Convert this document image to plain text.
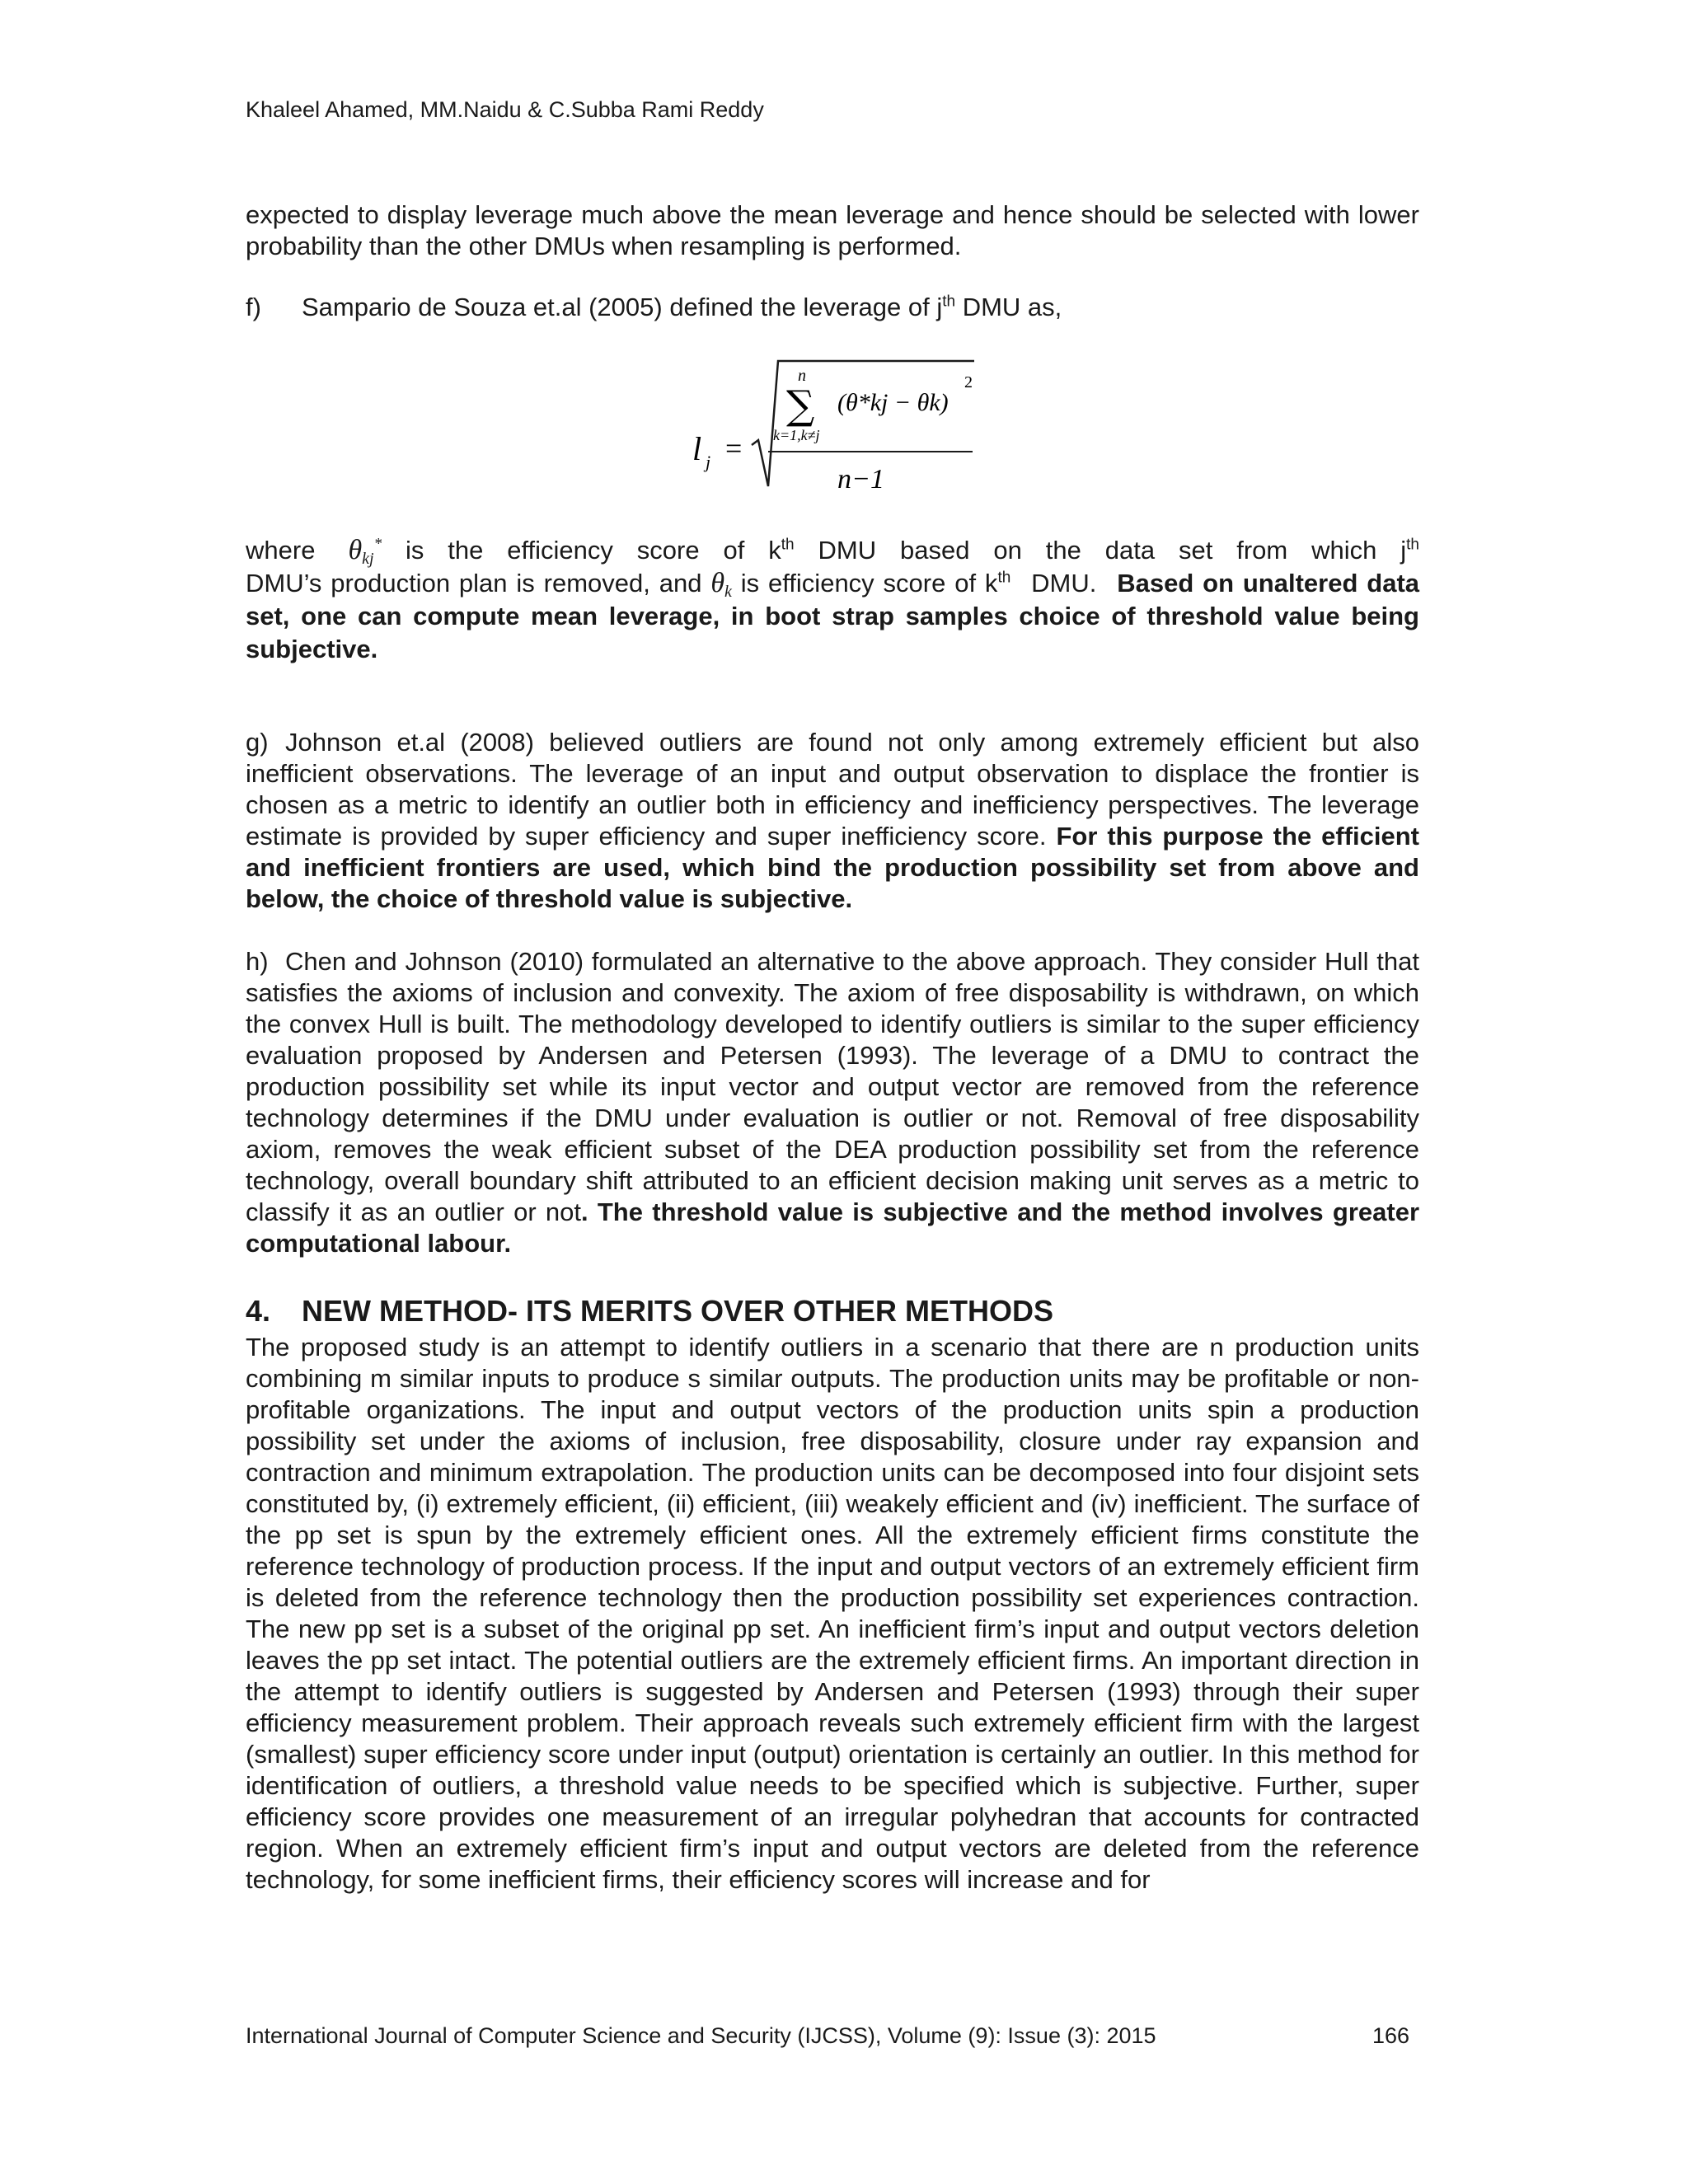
Khaleel Ahamed, MM.Naidu & C.Subba Rami Reddy

expected to display leverage much above the mean leverage and hence should be selected with lower probability than the other DMUs when resampling is performed.

f) Sampario de Souza et.al (2005) defined the leverage of $j^{th}$ DMU as,

l j =
n
∑
k=1,k≠j
(θ*kj − θk)
2
n−1

where $\theta_{kj}^*$ is the efficiency score of $k^{th}$ DMU based on the data set from which $j^{th}$ DMU’s production plan is removed, and $\theta_k$ is efficiency score of $k^{th}$ DMU. Based on unaltered data set, one can compute mean leverage, in boot strap samples choice of threshold value being subjective.

g) Johnson et.al (2008) believed outliers are found not only among extremely efficient but also inefficient observations. The leverage of an input and output observation to displace the frontier is chosen as a metric to identify an outlier both in efficiency and inefficiency perspectives. The leverage estimate is provided by super efficiency and super inefficiency score. For this purpose the efficient and inefficient frontiers are used, which bind the production possibility set from above and below, the choice of threshold value is subjective.

h) Chen and Johnson (2010) formulated an alternative to the above approach. They consider Hull that satisfies the axioms of inclusion and convexity. The axiom of free disposability is withdrawn, on which the convex Hull is built. The methodology developed to identify outliers is similar to the super efficiency evaluation proposed by Andersen and Petersen (1993). The leverage of a DMU to contract the production possibility set while its input vector and output vector are removed from the reference technology determines if the DMU under evaluation is outlier or not. Removal of free disposability axiom, removes the weak efficient subset of the DEA production possibility set from the reference technology, overall boundary shift attributed to an efficient decision making unit serves as a metric to classify it as an outlier or not. The threshold value is subjective and the method involves greater computational labour.

4. NEW METHOD- ITS MERITS OVER OTHER METHODS

The proposed study is an attempt to identify outliers in a scenario that there are n production units combining m similar inputs to produce s similar outputs. The production units may be profitable or non-profitable organizations. The input and output vectors of the production units spin a production possibility set under the axioms of inclusion, free disposability, closure under ray expansion and contraction and minimum extrapolation. The production units can be decomposed into four disjoint sets constituted by, (i) extremely efficient, (ii) efficient, (iii) weakely efficient and (iv) inefficient. The surface of the pp set is spun by the extremely efficient ones. All the extremely efficient firms constitute the reference technology of production process. If the input and output vectors of an extremely efficient firm is deleted from the reference technology then the production possibility set experiences contraction. The new pp set is a subset of the original pp set. An inefficient firm’s input and output vectors deletion leaves the pp set intact. The potential outliers are the extremely efficient firms. An important direction in the attempt to identify outliers is suggested by Andersen and Petersen (1993) through their super efficiency measurement problem. Their approach reveals such extremely efficient firm with the largest (smallest) super efficiency score under input (output) orientation is certainly an outlier. In this method for identification of outliers, a threshold value needs to be specified which is subjective. Further, super efficiency score provides one measurement of an irregular polyhedran that accounts for contracted region. When an extremely efficient firm’s input and output vectors are deleted from the reference technology, for some inefficient firms, their efficiency scores will increase and for

International Journal of Computer Science and Security (IJCSS), Volume (9): Issue (3): 2015	166
